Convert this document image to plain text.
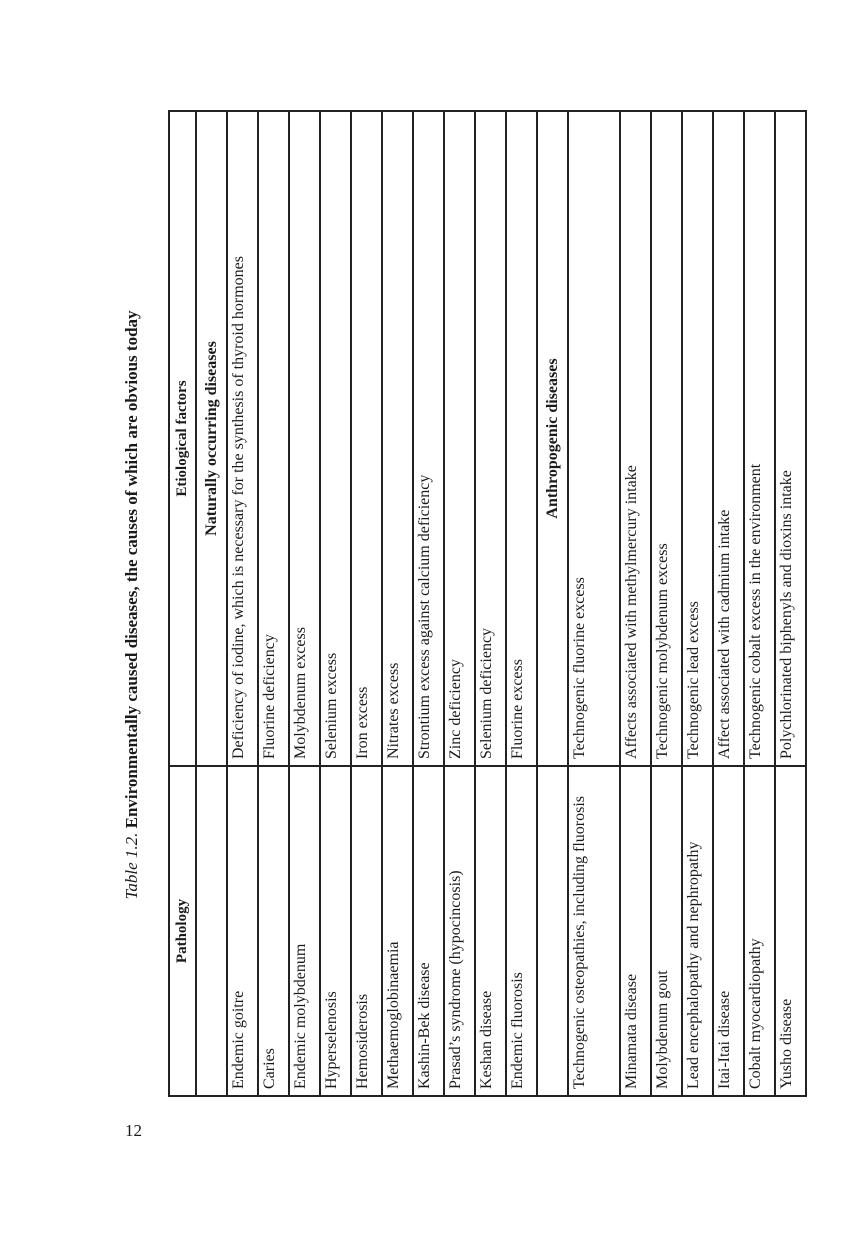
12
Table 1.2. Environmentally caused diseases, the causes of which are obvious today
Pathology	Etiological factors
	Naturally occurring diseases
Endemic goitre	Deficiency of iodine, which is necessary for the synthesis of thyroid hormones
Caries	Fluorine deficiency
Endemic molybdenum	Molybdenum excess
Hyperselenosis	Selenium excess
Hemosiderosis	Iron excess
Methaemoglobinaemia	Nitrates excess
Kashin-Bek disease	Strontium excess against calcium deficiency
Prasad’s syndrome (hypocincosis)	Zinc deficiency
Keshan disease	Selenium deficiency
Endemic fluorosis	Fluorine excess
	Anthropogenic diseases
Technogenic osteopathies, including fluorosis	Technogenic fluorine excess
Minamata disease	Affects associated with methylmercury intake
Molybdenum gout	Technogenic molybdenum excess
Lead encephalopathy and nephropathy	Technogenic lead excess
Itai-Itai disease	Affect associated with cadmium intake
Cobalt myocardiopathy	Technogenic cobalt excess in the environment
Yusho disease	Polychlorinated biphenyls and dioxins intake
